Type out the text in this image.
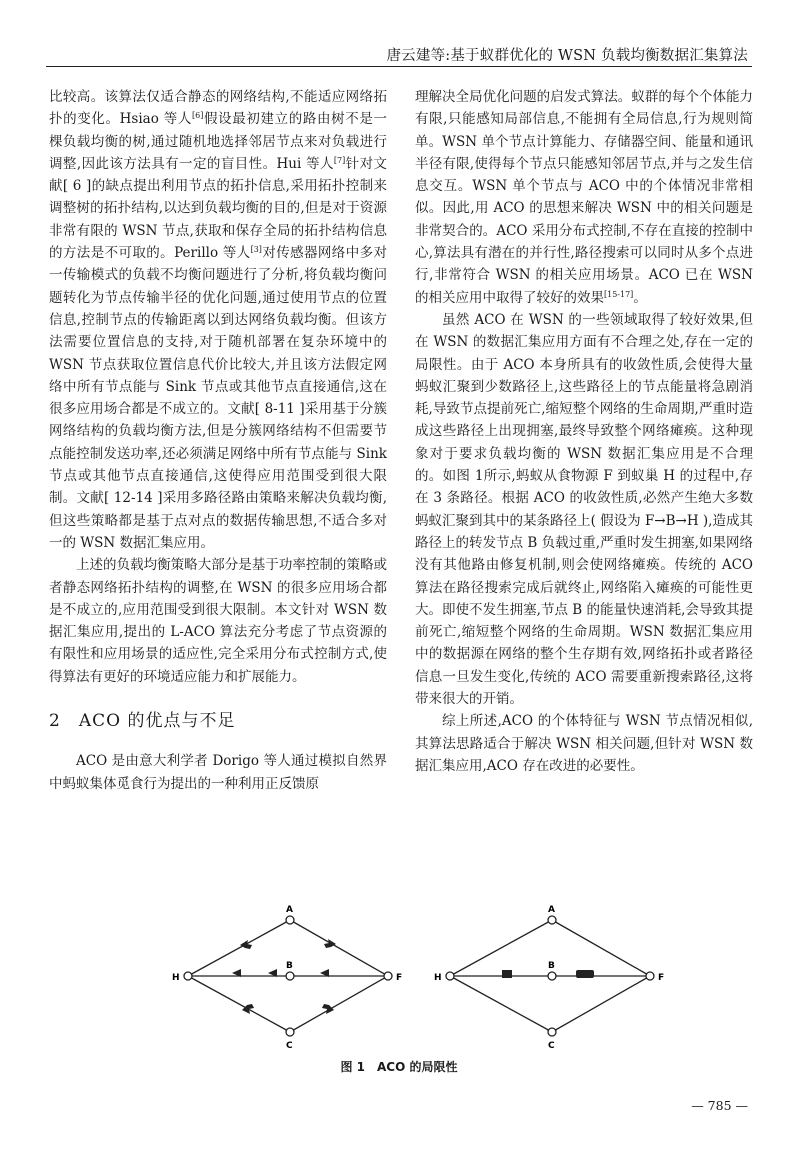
唐云建等:基于蚁群优化的 WSN 负载均衡数据汇集算法

比较高。该算法仅适合静态的网络结构,不能适应网络拓扑的变化。Hsiao 等人[6]假设最初建立的路由树不是一棵负载均衡的树,通过随机地选择邻居节点来对负载进行调整,因此该方法具有一定的盲目性。Hui 等人[7]针对文献[ 6 ]的缺点提出利用节点的拓扑信息,采用拓扑控制来调整树的拓扑结构,以达到负载均衡的目的,但是对于资源非常有限的 WSN 节点,获取和保存全局的拓扑结构信息的方法是不可取的。Perillo 等人[3]对传感器网络中多对一传输模式的负载不均衡问题进行了分析,将负载均衡问题转化为节点传输半径的优化问题,通过使用节点的位置信息,控制节点的传输距离以到达网络负载均衡。但该方法需要位置信息的支持,对于随机部署在复杂环境中的 WSN 节点获取位置信息代价比较大,并且该方法假定网络中所有节点能与 Sink 节点或其他节点直接通信,这在很多应用场合都是不成立的。文献[ 8-11 ]采用基于分簇网络结构的负载均衡方法,但是分簇网络结构不但需要节点能控制发送功率,还必须满足网络中所有节点能与 Sink 节点或其他节点直接通信,这使得应用范围受到很大限制。文献[ 12-14 ]采用多路径路由策略来解决负载均衡,但这些策略都是基于点对点的数据传输思想,不适合多对一的 WSN 数据汇集应用。

上述的负载均衡策略大部分是基于功率控制的策略或者静态网络拓扑结构的调整,在 WSN 的很多应用场合都是不成立的,应用范围受到很大限制。本文针对 WSN 数据汇集应用,提出的 L-ACO 算法充分考虑了节点资源的有限性和应用场景的适应性,完全采用分布式控制方式,使得算法有更好的环境适应能力和扩展能力。

2 ACO 的优点与不足

ACO 是由意大利学者 Dorigo 等人通过模拟自然界中蚂蚁集体觅食行为提出的一种利用正反馈原

理解决全局优化问题的启发式算法。蚁群的每个个体能力有限,只能感知局部信息,不能拥有全局信息,行为规则简单。WSN 单个节点计算能力、存储器空间、能量和通讯半径有限,使得每个节点只能感知邻居节点,并与之发生信息交互。WSN 单个节点与 ACO 中的个体情况非常相似。因此,用 ACO 的思想来解决 WSN 中的相关问题是非常契合的。ACO 采用分布式控制,不存在直接的控制中心,算法具有潜在的并行性,路径搜索可以同时从多个点进行,非常符合 WSN 的相关应用场景。ACO 已在 WSN 的相关应用中取得了较好的效果[15-17]。

虽然 ACO 在 WSN 的一些领域取得了较好效果,但在 WSN 的数据汇集应用方面有不合理之处,存在一定的局限性。由于 ACO 本身所具有的收敛性质,会使得大量蚂蚁汇聚到少数路径上,这些路径上的节点能量将急剧消耗,导致节点提前死亡,缩短整个网络的生命周期,严重时造成这些路径上出现拥塞,最终导致整个网络瘫痪。这种现象对于要求负载均衡的 WSN 数据汇集应用是不合理的。如图 1所示,蚂蚁从食物源 F 到蚁巢 H 的过程中,存在 3 条路径。根据 ACO 的收敛性质,必然产生绝大多数蚂蚁汇聚到其中的某条路径上( 假设为 F→B→H ),造成其路径上的转发节点 B 负载过重,严重时发生拥塞,如果网络没有其他路由修复机制,则会使网络瘫痪。传统的 ACO 算法在路径搜索完成后就终止,网络陷入瘫痪的可能性更大。即使不发生拥塞,节点 B 的能量快速消耗,会导致其提前死亡,缩短整个网络的生命周期。WSN 数据汇集应用中的数据源在网络的整个生存期有效,网络拓扑或者路径信息一旦发生变化,传统的 ACO 需要重新搜索路径,这将带来很大的开销。

综上所述,ACO 的个体特征与 WSN 节点情况相似,其算法思路适合于解决 WSN 相关问题,但针对 WSN 数据汇集应用,ACO 存在改进的必要性。

A
B
C
H	F
A
B
C
H	F
图 1　ACO 的局限性
— 785 —
